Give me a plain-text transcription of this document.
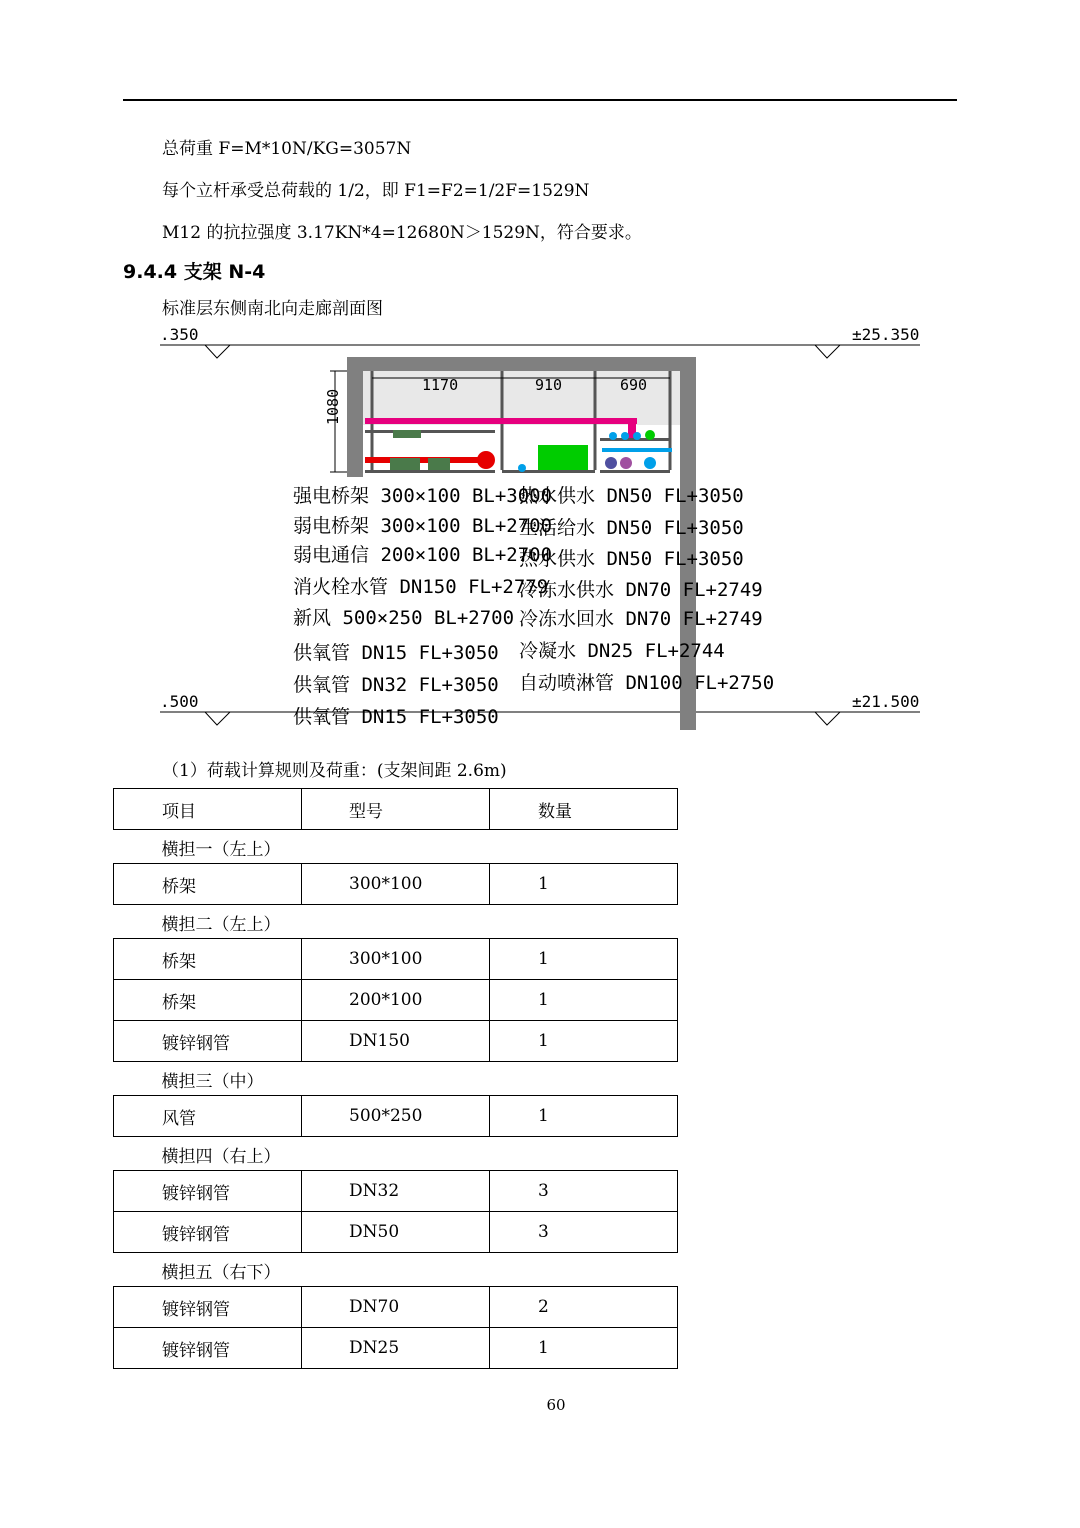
总荷重 F=M*10N/KG=3057N
每个立杆承受总荷载的 1/2，即 F1=F2=1/2F=1529N
M12 的抗拉强度 3.17KN*4=12680N＞1529N，符合要求。
9.4.4 支架 N-4
标准层东侧南北向走廊剖面图
.350	±25.350
.500	±21.500
1080
1170	910	690
强电桥架 300×100 BL+3000
弱电桥架 300×100 BL+2700
弱电通信 200×100 BL+2700
消火栓水管 DN150 FL+2779
新风 500×250 BL+2700
供氧管 DN15 FL+3050
供氧管 DN32 FL+3050
供氧管 DN15 FL+3050
热水供水 DN50 FL+3050
生活给水 DN50 FL+3050
热水供水 DN50 FL+3050
冷冻水供水 DN70 FL+2749
冷冻水回水 DN70 FL+2749
冷凝水 DN25 FL+2744
自动喷淋管 DN100 FL+2750
（1）荷载计算规则及荷重：(支架间距 2.6m)
项目	型号	数量
横担一（左上）		
桥架	300*100	1
横担二（左上）		
桥架	300*100	1
桥架	200*100	1
镀锌钢管	DN150	1
横担三（中）		
风管	500*250	1
横担四（右上）		
镀锌钢管	DN32	3
镀锌钢管	DN50	3
横担五（右下）		
镀锌钢管	DN70	2
镀锌钢管	DN25	1
60
